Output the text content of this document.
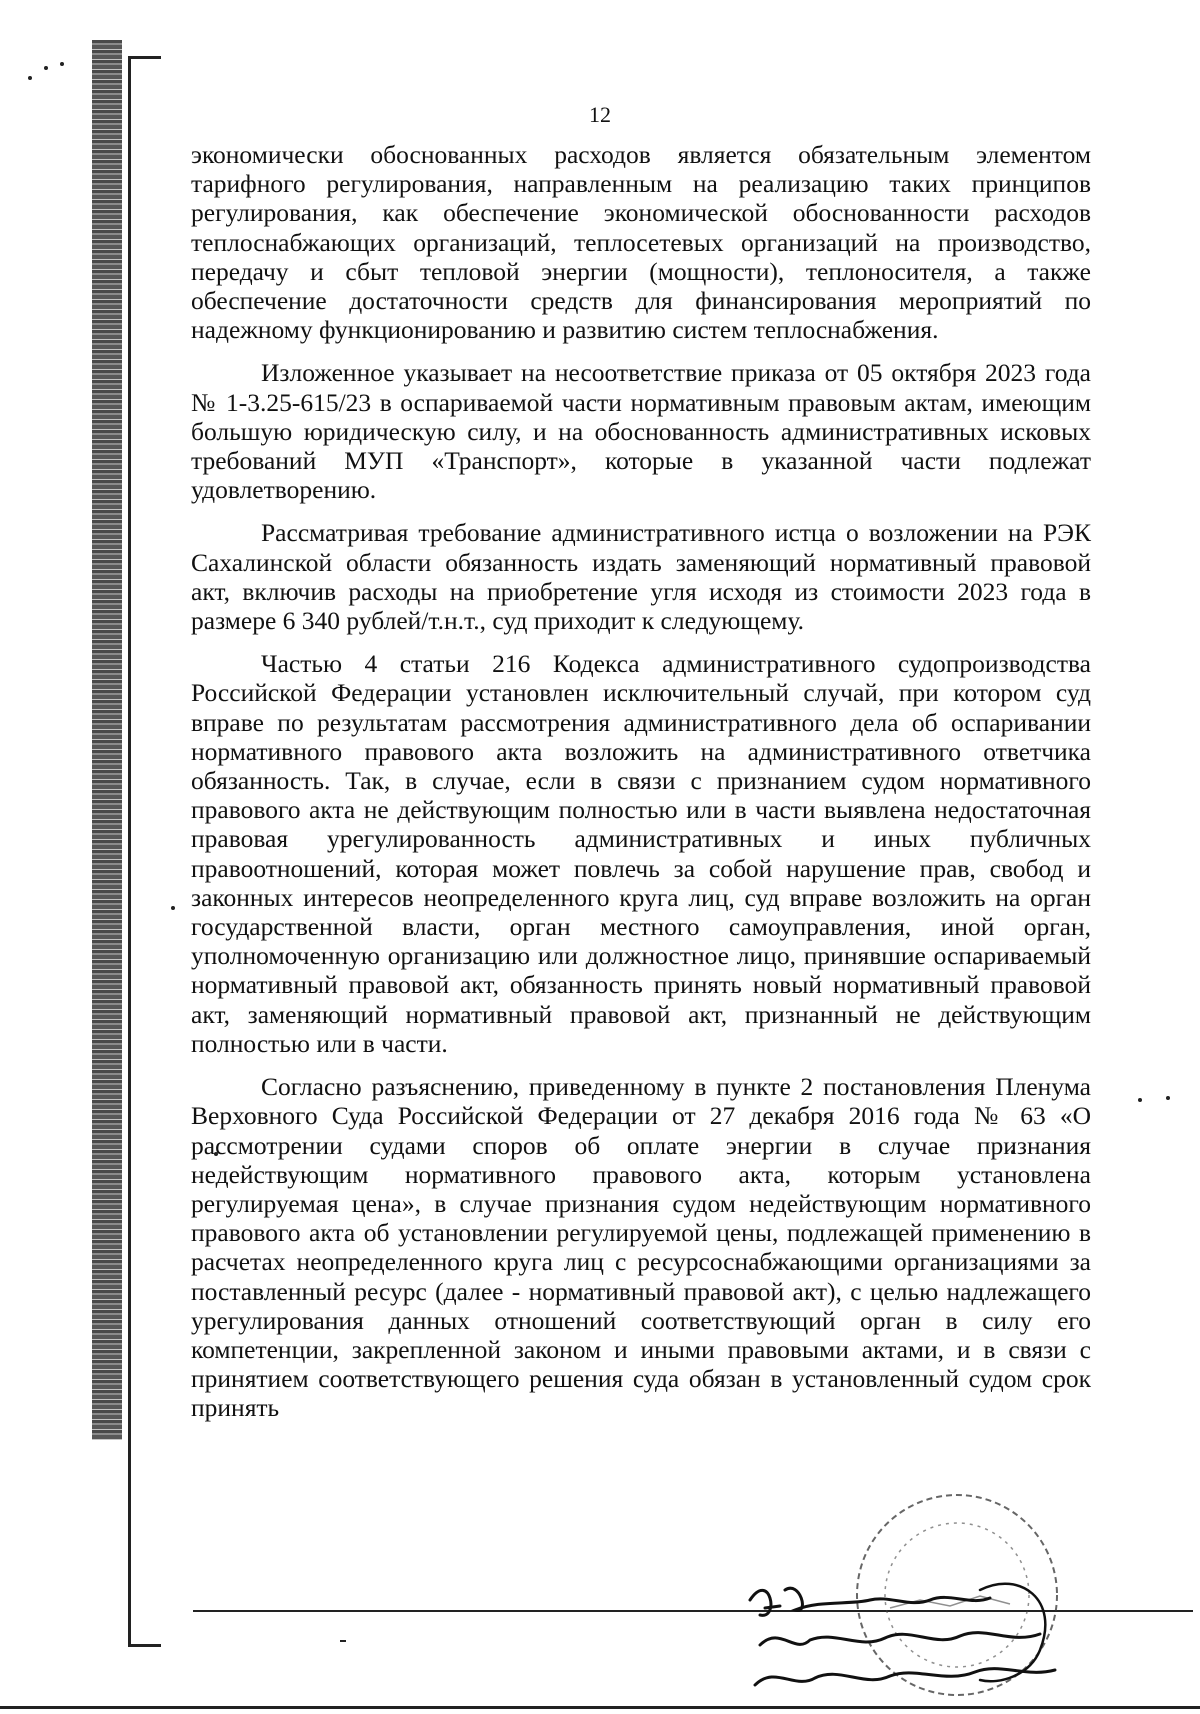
12

экономически обоснованных расходов является обязательным элементом тарифного регулирования, направленным на реализацию таких принципов регулирования, как обеспечение экономической обоснованности расходов теплоснабжающих организаций, теплосетевых организаций на производство, передачу и сбыт тепловой энергии (мощности), теплоносителя, а также обеспечение достаточности средств для финансирования мероприятий по надежному функционированию и развитию систем теплоснабжения.

Изложенное указывает на несоответствие приказа от 05 октября 2023 года № 1-3.25-615/23 в оспариваемой части нормативным правовым актам, имеющим большую юридическую силу, и на обоснованность административных исковых требований МУП «Транспорт», которые в указанной части подлежат удовлетворению.

Рассматривая требование административного истца о возложении на РЭК Сахалинской области обязанность издать заменяющий нормативный правовой акт, включив расходы на приобретение угля исходя из стоимости 2023 года в размере 6 340 рублей/т.н.т., суд приходит к следующему.

Частью 4 статьи 216 Кодекса административного судопроизводства Российской Федерации установлен исключительный случай, при котором суд вправе по результатам рассмотрения административного дела об оспаривании нормативного правового акта возложить на административного ответчика обязанность. Так, в случае, если в связи с признанием судом нормативного правового акта не действующим полностью или в части выявлена недостаточная правовая урегулированность административных и иных публичных правоотношений, которая может повлечь за собой нарушение прав, свобод и законных интересов неопределенного круга лиц, суд вправе возложить на орган государственной власти, орган местного самоуправления, иной орган, уполномоченную организацию или должностное лицо, принявшие оспариваемый нормативный правовой акт, обязанность принять новый нормативный правовой акт, заменяющий нормативный правовой акт, признанный не действующим полностью или в части.

Согласно разъяснению, приведенному в пункте 2 постановления Пленума Верховного Суда Российской Федерации от 27 декабря 2016 года № 63 «О рассмотрении судами споров об оплате энергии в случае признания недействующим нормативного правового акта, которым установлена регулируемая цена», в случае признания судом недействующим нормативного правового акта об установлении регулируемой цены, подлежащей применению в расчетах неопределенного круга лиц с ресурсоснабжающими организациями за поставленный ресурс (далее - нормативный правовой акт), с целью надлежащего урегулирования данных отношений соответствующий орган в силу его компетенции, закрепленной законом и иными правовыми актами, и в связи с принятием соответствующего решения суда обязан в установленный судом срок принять
